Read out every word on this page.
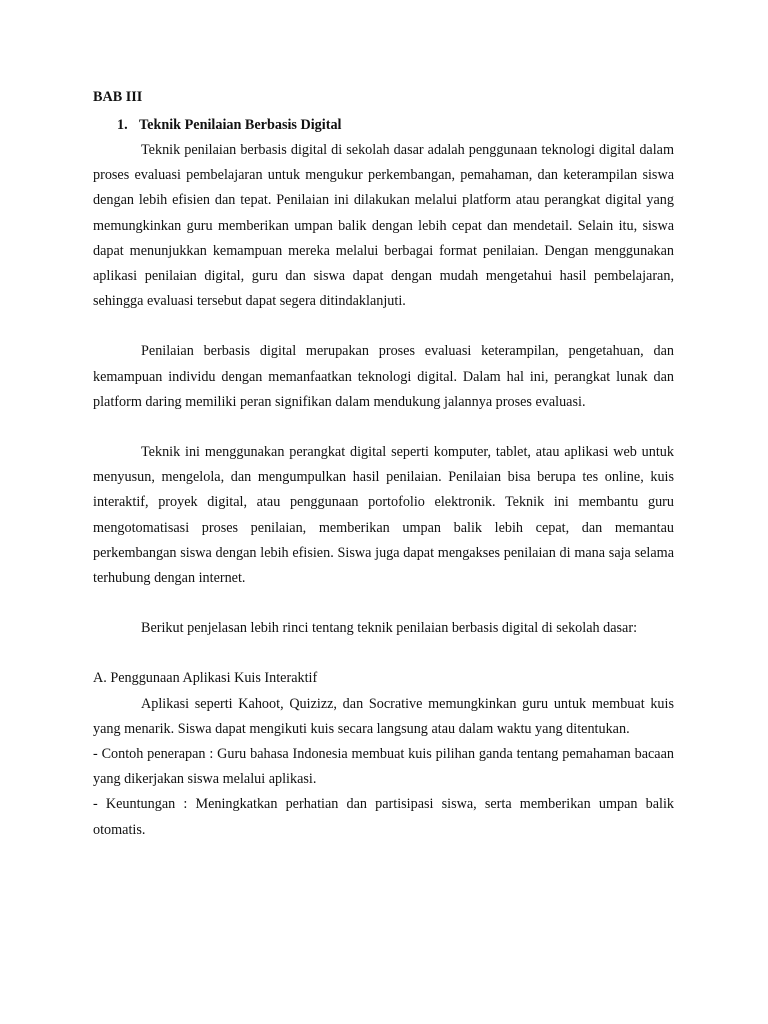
BAB III
1. Teknik Penilaian Berbasis Digital

Teknik penilaian berbasis digital di sekolah dasar adalah penggunaan teknologi digital dalam proses evaluasi pembelajaran untuk mengukur perkembangan, pemahaman, dan keterampilan siswa dengan lebih efisien dan tepat. Penilaian ini dilakukan melalui platform atau perangkat digital yang memungkinkan guru memberikan umpan balik dengan lebih cepat dan mendetail. Selain itu, siswa dapat menunjukkan kemampuan mereka melalui berbagai format penilaian. Dengan menggunakan aplikasi penilaian digital, guru dan siswa dapat dengan mudah mengetahui hasil pembelajaran, sehingga evaluasi tersebut dapat segera ditindaklanjuti.

Penilaian berbasis digital merupakan proses evaluasi keterampilan, pengetahuan, dan kemampuan individu dengan memanfaatkan teknologi digital. Dalam hal ini, perangkat lunak dan platform daring memiliki peran signifikan dalam mendukung jalannya proses evaluasi.

Teknik ini menggunakan perangkat digital seperti komputer, tablet, atau aplikasi web untuk menyusun, mengelola, dan mengumpulkan hasil penilaian. Penilaian bisa berupa tes online, kuis interaktif, proyek digital, atau penggunaan portofolio elektronik. Teknik ini membantu guru mengotomatisasi proses penilaian, memberikan umpan balik lebih cepat, dan memantau perkembangan siswa dengan lebih efisien. Siswa juga dapat mengakses penilaian di mana saja selama terhubung dengan internet.

Berikut penjelasan lebih rinci tentang teknik penilaian berbasis digital di sekolah dasar:

A. Penggunaan Aplikasi Kuis Interaktif

Aplikasi seperti Kahoot, Quizizz, dan Socrative memungkinkan guru untuk membuat kuis yang menarik. Siswa dapat mengikuti kuis secara langsung atau dalam waktu yang ditentukan.

- Contoh penerapan : Guru bahasa Indonesia membuat kuis pilihan ganda tentang pemahaman bacaan yang dikerjakan siswa melalui aplikasi.

- Keuntungan : Meningkatkan perhatian dan partisipasi siswa, serta memberikan umpan balik otomatis.
